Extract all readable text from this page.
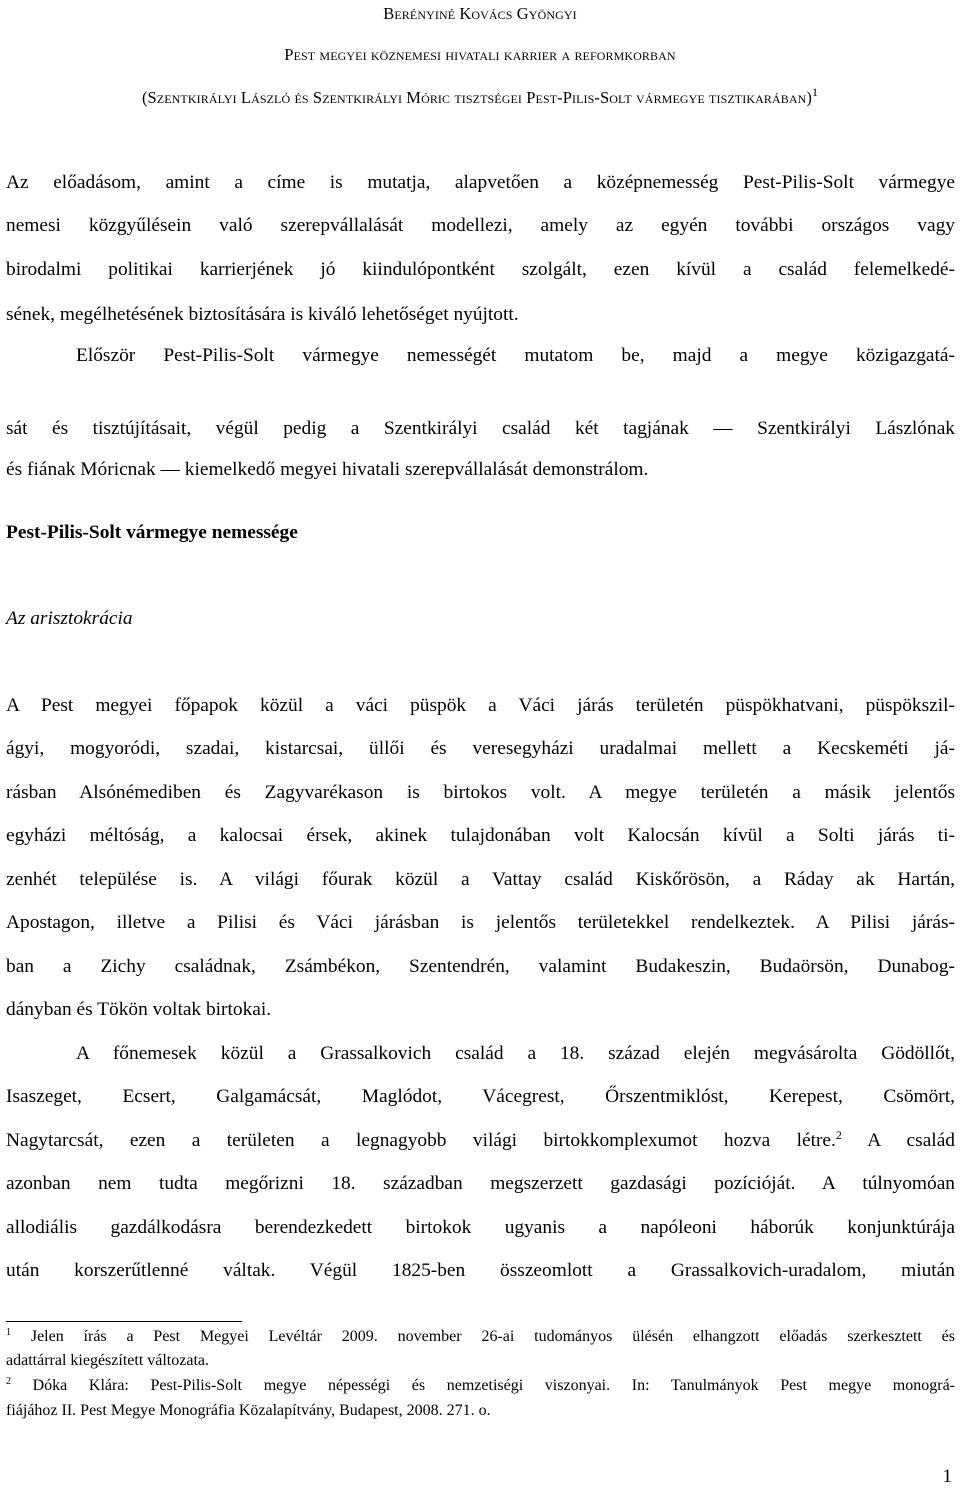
Berényiné Kovács Gyöngyi
Pest megyei köznemesi hivatali karrier a reformkorban
(Szentkirályi László és Szentkirályi Móric tisztségei Pest-Pilis-Solt vármegye tisztikarában)$^1$
Az előadásom, amint a címe is mutatja, alapvetően a középnemesség Pest-Pilis-Solt vármegye
nemesi közgyűlésein való szerepvállalását modellezi, amely az egyén további országos vagy
birodalmi politikai karrierjének jó kiindulópontként szolgált, ezen kívül a család felemelkedé-
sének, megélhetésének biztosítására is kiváló lehetőséget nyújtott.
Először Pest-Pilis-Solt vármegye nemességét mutatom be, majd a megye közigazgatá-
sát és tisztújításait, végül pedig a Szentkirályi család két tagjának — Szentkirályi Lászlónak
és fiának Móricnak — kiemelkedő megyei hivatali szerepvállalását demonstrálom.
Pest-Pilis-Solt vármegye nemessége
Az arisztokrácia
A Pest megyei főpapok közül a váci püspök a Váci járás területén püspökhatvani, püspökszil-
ágyi, mogyoródi, szadai, kistarcsai, üllői és veresegyházi uradalmai mellett a Kecskeméti já-
rásban Alsónémediben és Zagyvarékason is birtokos volt. A megye területén a másik jelentős
egyházi méltóság, a kalocsai érsek, akinek tulajdonában volt Kalocsán kívül a Solti járás ti-
zenhét települése is. A világi főurak közül a Vattay család Kiskőrösön, a Ráday ak Hartán,
Apostagon, illetve a Pilisi és Váci járásban is jelentős területekkel rendelkeztek. A Pilisi járás-
ban a Zichy családnak, Zsámbékon, Szentendrén, valamint Budakeszin, Budaörsön, Dunabog-
dányban és Tökön voltak birtokai.
A főnemesek közül a Grassalkovich család a 18. század elején megvásárolta Gödöllőt,
Isaszeget, Ecsert, Galgamácsát, Maglódot, Vácegrest, Őrszentmiklóst, Kerepest, Csömört,
Nagytarcsát, ezen a területen a legnagyobb világi birtokkomplexumot hozva létre.$^2$ A család
azonban nem tudta megőrizni 18. században megszerzett gazdasági pozícióját. A túlnyomóan
allodiális gazdálkodásra berendezkedett birtokok ugyanis a napóleoni háborúk konjunktúrája
után korszerűtlenné váltak. Végül 1825-ben összeomlott a Grassalkovich-uradalom, miután
$^1$ Jelen írás a Pest Megyei Levéltár 2009. november 26-ai tudományos ülésén elhangzott előadás szerkesztett és
adattárral kiegészített változata.
$^2$ Dóka Klára: Pest-Pilis-Solt megye népességi és nemzetiségi viszonyai. In: Tanulmányok Pest megye monográ-
fiájához II. Pest Megye Monográfia Közalapítvány, Budapest, 2008. 271. o.
1
